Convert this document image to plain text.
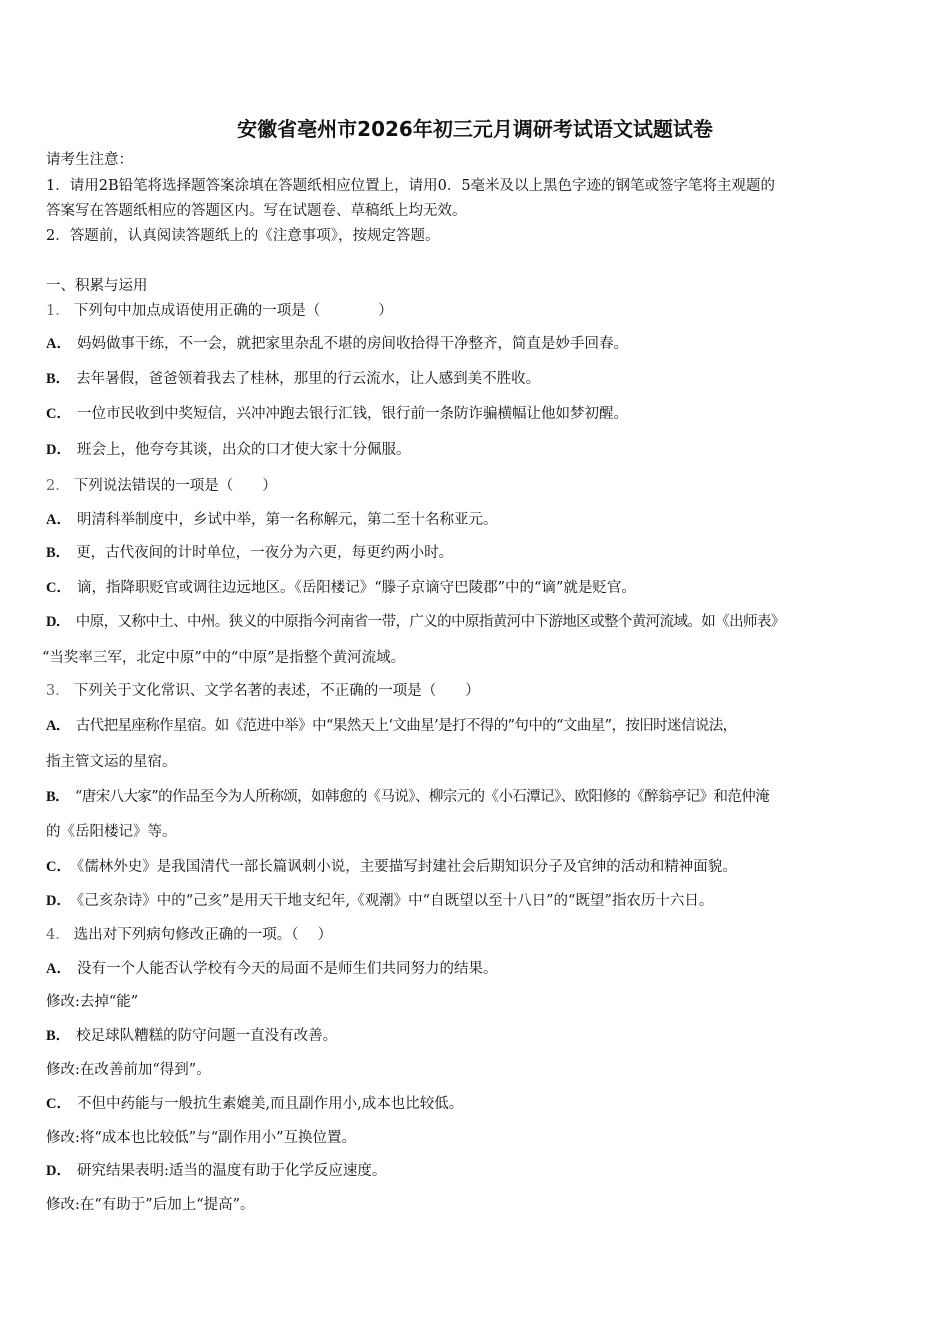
安徽省亳州市2026年初三元月调研考试语文试题试卷
请考生注意：
1．请用2B铅笔将选择题答案涂填在答题纸相应位置上，请用0．5毫米及以上黑色字迹的钢笔或签字笔将主观题的
答案写在答题纸相应的答题区内。写在试题卷、草稿纸上均无效。
2．答题前，认真阅读答题纸上的《注意事项》，按规定答题。
一、积累与运用
1． 下列句中加点成语使用正确的一项是（　　　　）
A． 妈妈做事干练，不一会，就把家里杂乱不堪的房间收拾得干净整齐，简直是妙手回春。
B． 去年暑假，爸爸领着我去了桂林，那里的行云流水，让人感到美不胜收。
C． 一位市民收到中奖短信，兴冲冲跑去银行汇钱，银行前一条防诈骗横幅让他如梦初醒。
D． 班会上，他夸夸其谈，出众的口才使大家十分佩服。
2． 下列说法错误的一项是（　　）
A． 明清科举制度中，乡试中举，第一名称解元，第二至十名称亚元。
B． 更，古代夜间的计时单位，一夜分为六更，每更约两小时。
C． 谪，指降职贬官或调往边远地区。《岳阳楼记》“滕子京谪守巴陵郡”中的“谪”就是贬官。
D． 中原，又称中土、中州。狭义的中原指今河南省一带，广义的中原指黄河中下游地区或整个黄河流域。如《出师表》
“当奖率三军，北定中原”中的“中原”是指整个黄河流域。
3． 下列关于文化常识、文学名著的表述，不正确的一项是（　　）
A． 古代把星座称作星宿。如《范进中举》中“果然天上‘文曲星’是打不得的”句中的“文曲星”，按旧时迷信说法，
指主管文运的星宿。
B． “唐宋八大家”的作品至今为人所称颂，如韩愈的《马说》、柳宗元的《小石潭记》、欧阳修的《醉翁亭记》和范仲淹
的《岳阳楼记》等。
C． 《儒林外史》是我国清代一部长篇讽刺小说，主要描写封建社会后期知识分子及官绅的活动和精神面貌。
D． 《己亥杂诗》中的“己亥”是用天干地支纪年,《观潮》中“自既望以至十八日”的“既望”指农历十六日。
4． 选出对下列病句修改正确的一项。（　 ）
A． 没有一个人能否认学校有今天的局面不是师生们共同努力的结果。
修改:去掉“能”
B． 校足球队糟糕的防守问题一直没有改善。
修改:在改善前加“得到”。
C． 不但中药能与一般抗生素媲美,而且副作用小,成本也比较低。
修改:将“成本也比较低”与“副作用小”互换位置。
D． 研究结果表明:适当的温度有助于化学反应速度。
修改:在“有助于”后加上“提高”。
